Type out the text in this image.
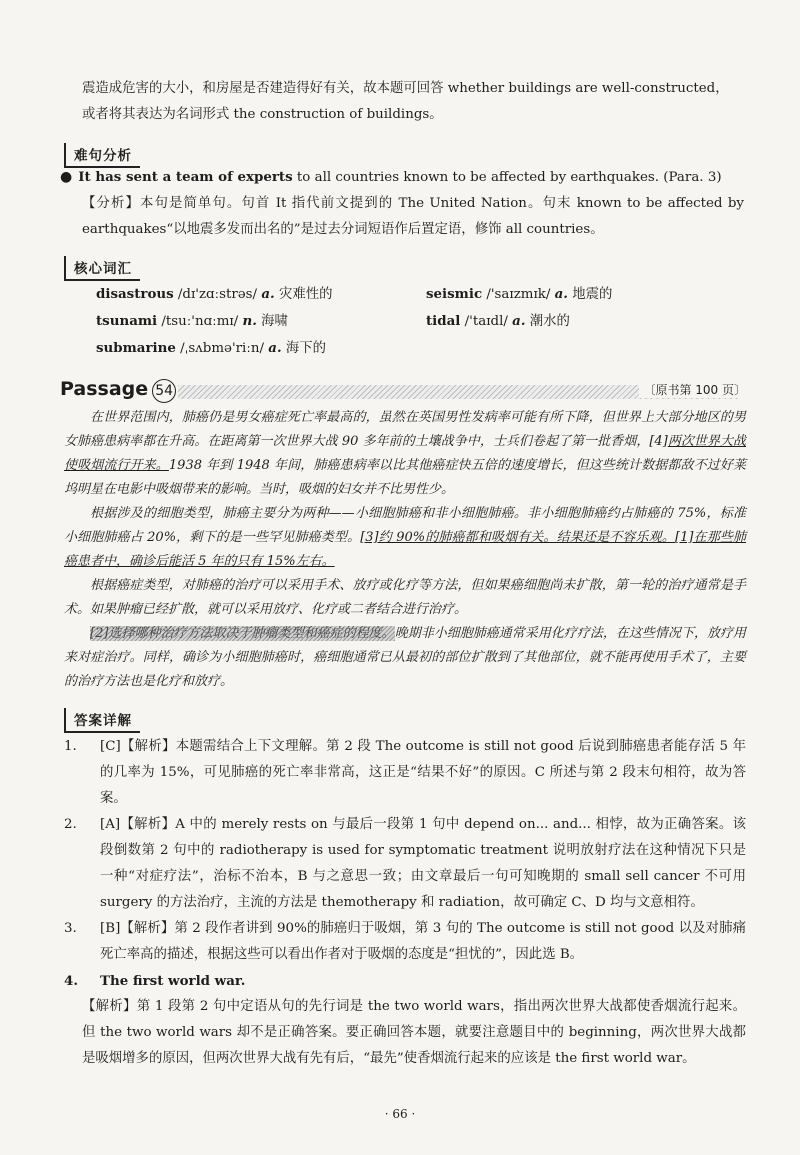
震造成危害的大小，和房屋是否建造得好有关，故本题可回答 whether buildings are well-constructed，

或者将其表达为名词形式 the construction of buildings。

难句分析

● It has sent a team of experts to all countries known to be affected by earthquakes. (Para. 3)

【分析】本句是简单句。句首 It 指代前文提到的 The United Nation。句末 known to be affected by earthquakes“以地震多发而出名的”是过去分词短语作后置定语，修饰 all countries。

核心词汇
disastrous /dɪ'zɑːstrəs/ a. 灾难性的	seismic /'saɪzmɪk/ a. 地震的
tsunami /tsuː'nɑːmɪ/ n. 海啸	tidal /'taɪdl/ a. 潮水的
submarine /ˌsʌbmə'riːn/ a. 海下的
Passage 54	〔原书第 100 页〕

在世界范围内，肺癌仍是男女癌症死亡率最高的，虽然在英国男性发病率可能有所下降，但世界上大部分地区的男女肺癌患病率都在升高。在距离第一次世界大战 90 多年前的土壤战争中，士兵们卷起了第一批香烟，[4]两次世界大战使吸烟流行开来。1938 年到 1948 年间，肺癌患病率以比其他癌症快五倍的速度增长，但这些统计数据都敌不过好莱坞明星在电影中吸烟带来的影响。当时，吸烟的妇女并不比男性少。

根据涉及的细胞类型，肺癌主要分为两种——小细胞肺癌和非小细胞肺癌。非小细胞肺癌约占肺癌的 75%，标准小细胞肺癌占 20%，剩下的是一些罕见肺癌类型。[3]约 90%的肺癌都和吸烟有关。结果还是不容乐观。[1]在那些肺癌患者中，确诊后能活 5 年的只有 15%左右。

根据癌症类型，对肺癌的治疗可以采用手术、放疗或化疗等方法，但如果癌细胞尚未扩散，第一轮的治疗通常是手术。如果肿瘤已经扩散，就可以采用放疗、化疗或二者结合进行治疗。

[2]选择哪种治疗方法取决于肿瘤类型和癌症的程度。晚期非小细胞肺癌通常采用化疗疗法，在这些情况下，放疗用来对症治疗。同样，确诊为小细胞肺癌时，癌细胞通常已从最初的部位扩散到了其他部位，就不能再使用手术了，主要的治疗方法也是化疗和放疗。

答案详解
1.	[C]【解析】本题需结合上下文理解。第 2 段 The outcome is still not good 后说到肺癌患者能存活 5 年的几率为 15%，可见肺癌的死亡率非常高，这正是“结果不好”的原因。C 所述与第 2 段末句相符，故为答案。
2.	[A]【解析】A 中的 merely rests on 与最后一段第 1 句中 depend on... and... 相悖，故为正确答案。该段倒数第 2 句中的 radiotherapy is used for symptomatic treatment 说明放射疗法在这种情况下只是一种“对症疗法”，治标不治本，B 与之意思一致；由文章最后一句可知晚期的 small sell cancer 不可用 surgery 的方法治疗，主流的方法是 themotherapy 和 radiation，故可确定 C、D 均与文意相符。
3.	[B]【解析】第 2 段作者讲到 90%的肺癌归于吸烟，第 3 句的 The outcome is still not good 以及对肺痛死亡率高的描述，根据这些可以看出作者对于吸烟的态度是“担忧的”，因此选 B。
4.	The first world war.

【解析】第 1 段第 2 句中定语从句的先行词是 the two world wars，指出两次世界大战都使香烟流行起来。但 the two world wars 却不是正确答案。要正确回答本题，就要注意题目中的 beginning，两次世界大战都是吸烟增多的原因，但两次世界大战有先有后，“最先”使香烟流行起来的应该是 the first world war。

· 66 ·
